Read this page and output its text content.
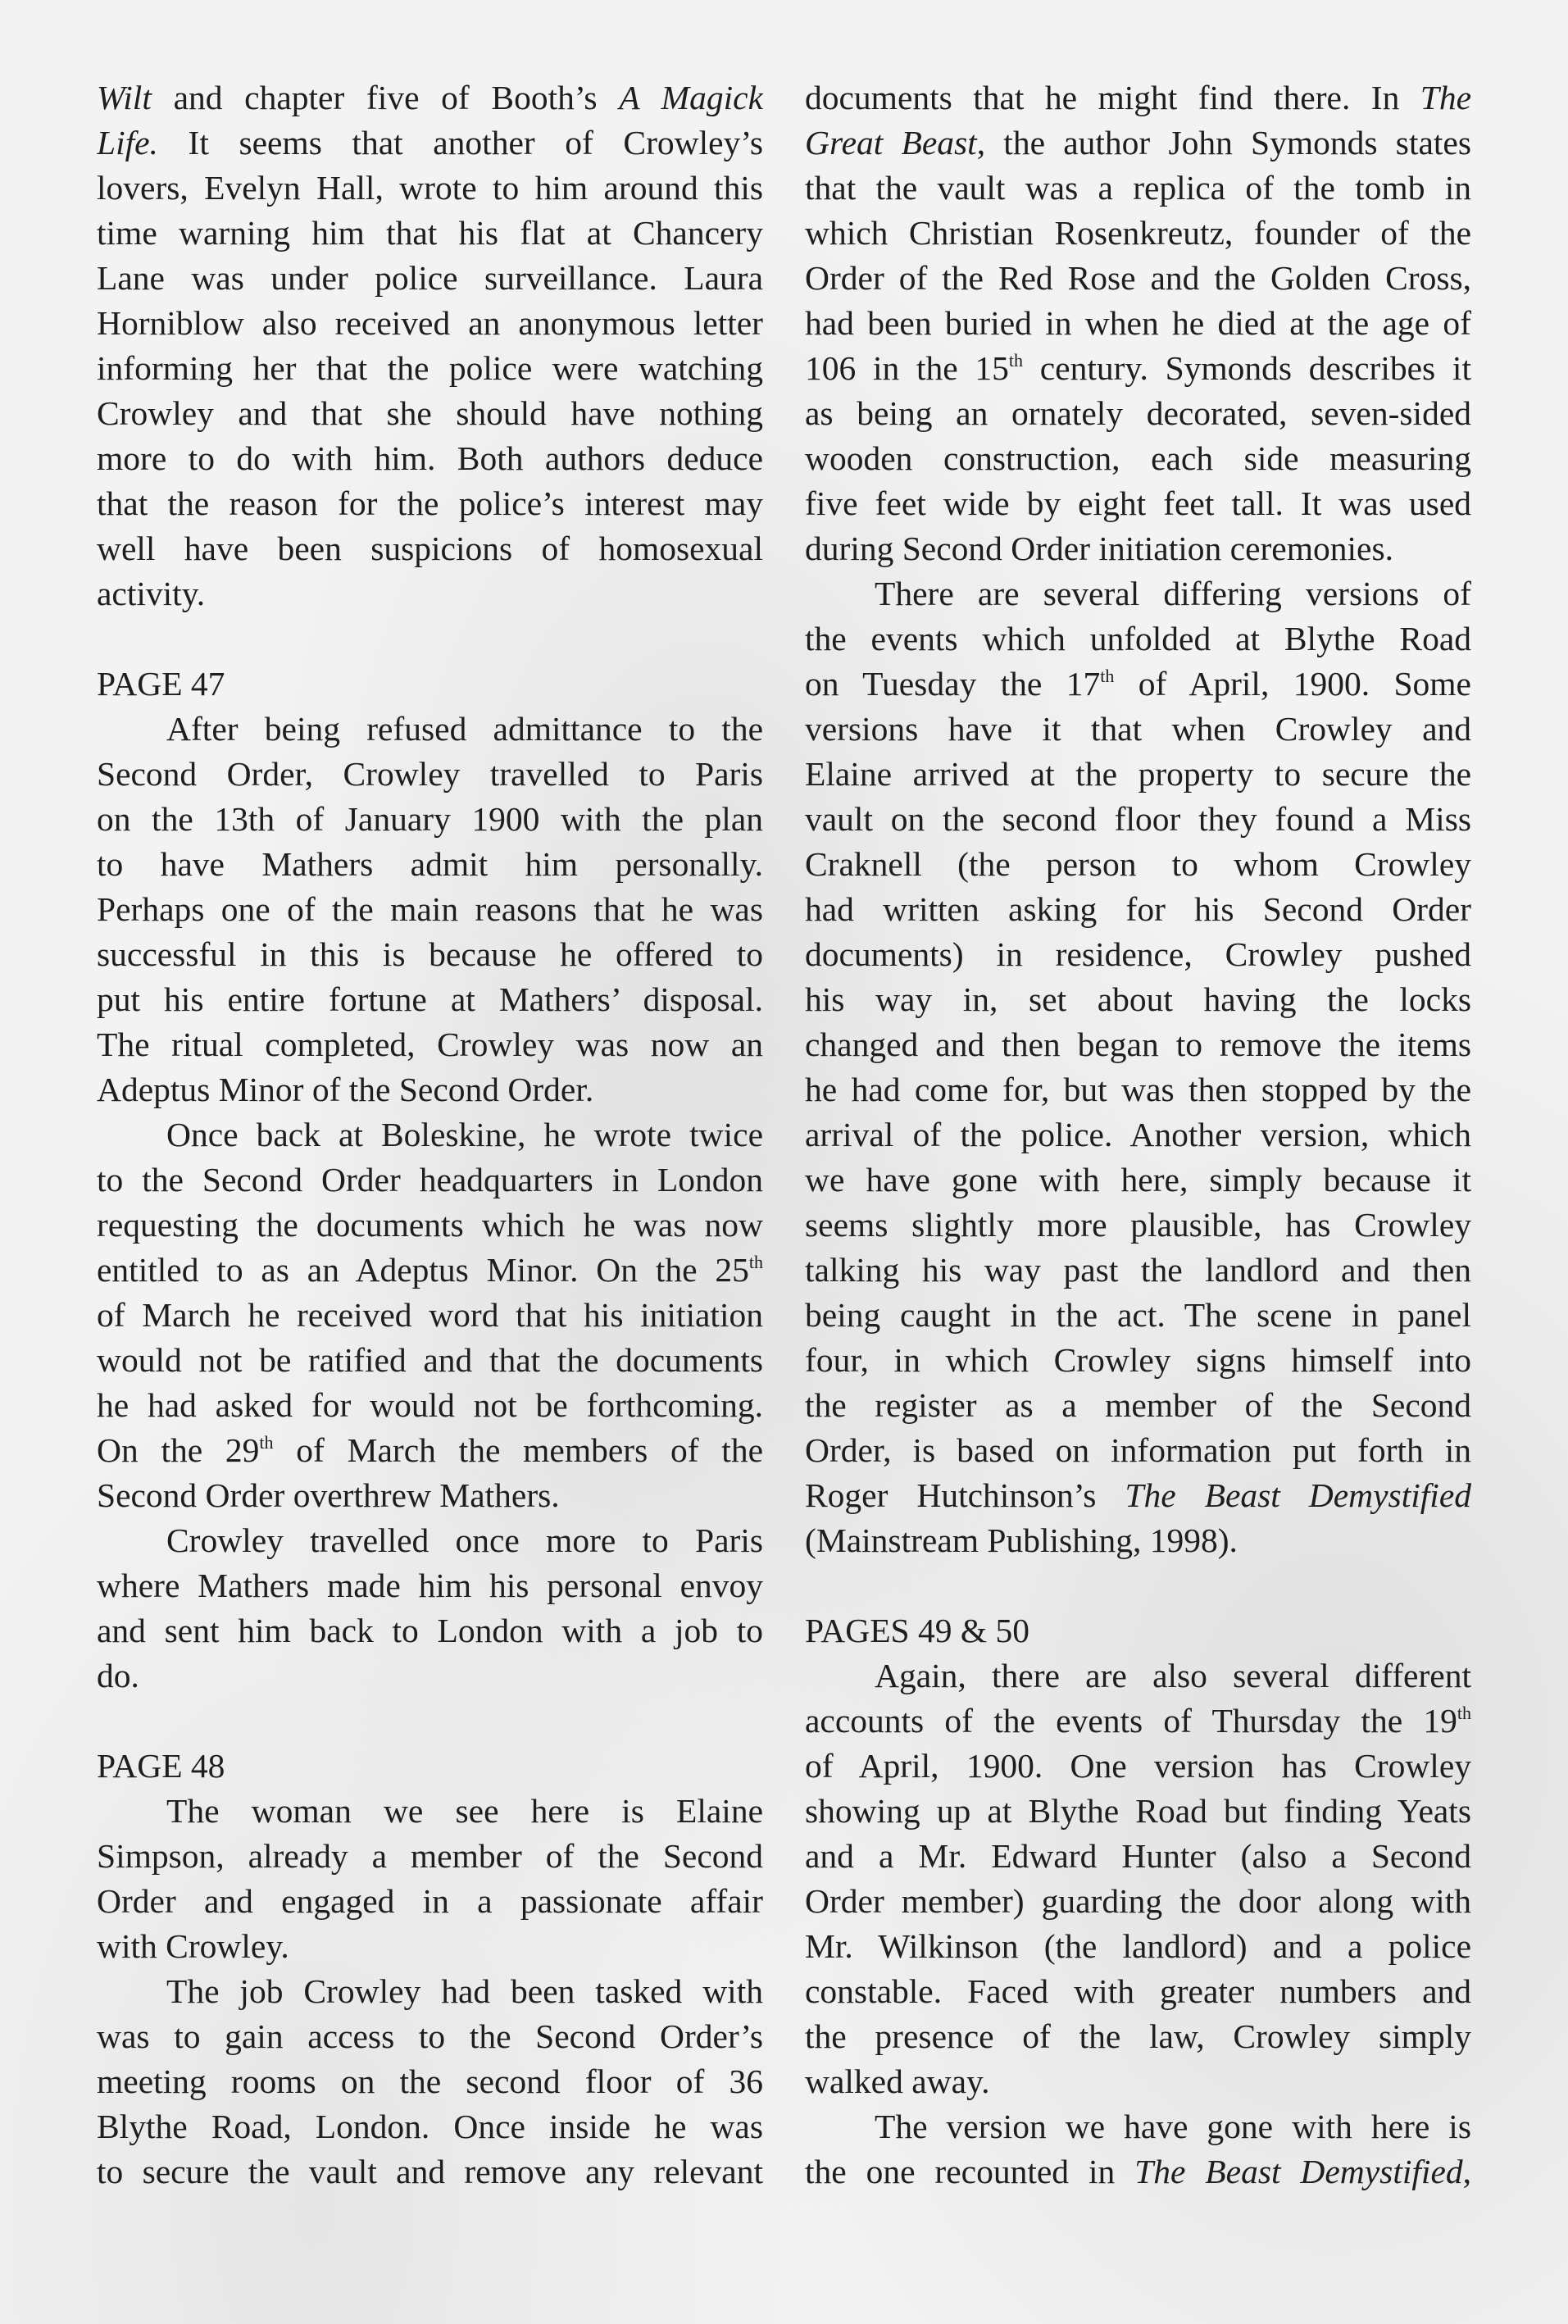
Wilt and chapter five of Booth’s A Magick
Life. It seems that another of Crowley’s
lovers, Evelyn Hall, wrote to him around this
time warning him that his flat at Chancery
Lane was under police surveillance. Laura
Horniblow also received an anonymous letter
informing her that the police were watching
Crowley and that she should have nothing
more to do with him. Both authors deduce
that the reason for the police’s interest may
well have been suspicions of homosexual
activity.

PAGE 47
After being refused admittance to the
Second Order, Crowley travelled to Paris
on the 13th of January 1900 with the plan
to have Mathers admit him personally.
Perhaps one of the main reasons that he was
successful in this is because he offered to
put his entire fortune at Mathers’ disposal.
The ritual completed, Crowley was now an
Adeptus Minor of the Second Order.
Once back at Boleskine, he wrote twice
to the Second Order headquarters in London
requesting the documents which he was now
entitled to as an Adeptus Minor. On the 25th
of March he received word that his initiation
would not be ratified and that the documents
he had asked for would not be forthcoming.
On the 29th of March the members of the
Second Order overthrew Mathers.
Crowley travelled once more to Paris
where Mathers made him his personal envoy
and sent him back to London with a job to
do.

PAGE 48
The woman we see here is Elaine
Simpson, already a member of the Second
Order and engaged in a passionate affair
with Crowley.
The job Crowley had been tasked with
was to gain access to the Second Order’s
meeting rooms on the second floor of 36
Blythe Road, London. Once inside he was
to secure the vault and remove any relevant
documents that he might find there. In The
Great Beast, the author John Symonds states
that the vault was a replica of the tomb in
which Christian Rosenkreutz, founder of the
Order of the Red Rose and the Golden Cross,
had been buried in when he died at the age of
106 in the 15th century. Symonds describes it
as being an ornately decorated, seven-sided
wooden construction, each side measuring
five feet wide by eight feet tall. It was used
during Second Order initiation ceremonies.
There are several differing versions of
the events which unfolded at Blythe Road
on Tuesday the 17th of April, 1900. Some
versions have it that when Crowley and
Elaine arrived at the property to secure the
vault on the second floor they found a Miss
Craknell (the person to whom Crowley
had written asking for his Second Order
documents) in residence, Crowley pushed
his way in, set about having the locks
changed and then began to remove the items
he had come for, but was then stopped by the
arrival of the police. Another version, which
we have gone with here, simply because it
seems slightly more plausible, has Crowley
talking his way past the landlord and then
being caught in the act. The scene in panel
four, in which Crowley signs himself into
the register as a member of the Second
Order, is based on information put forth in
Roger Hutchinson’s The Beast Demystified
(Mainstream Publishing, 1998).

PAGES 49 & 50
Again, there are also several different
accounts of the events of Thursday the 19th
of April, 1900. One version has Crowley
showing up at Blythe Road but finding Yeats
and a Mr. Edward Hunter (also a Second
Order member) guarding the door along with
Mr. Wilkinson (the landlord) and a police
constable. Faced with greater numbers and
the presence of the law, Crowley simply
walked away.
The version we have gone with here is
the one recounted in The Beast Demystified,
